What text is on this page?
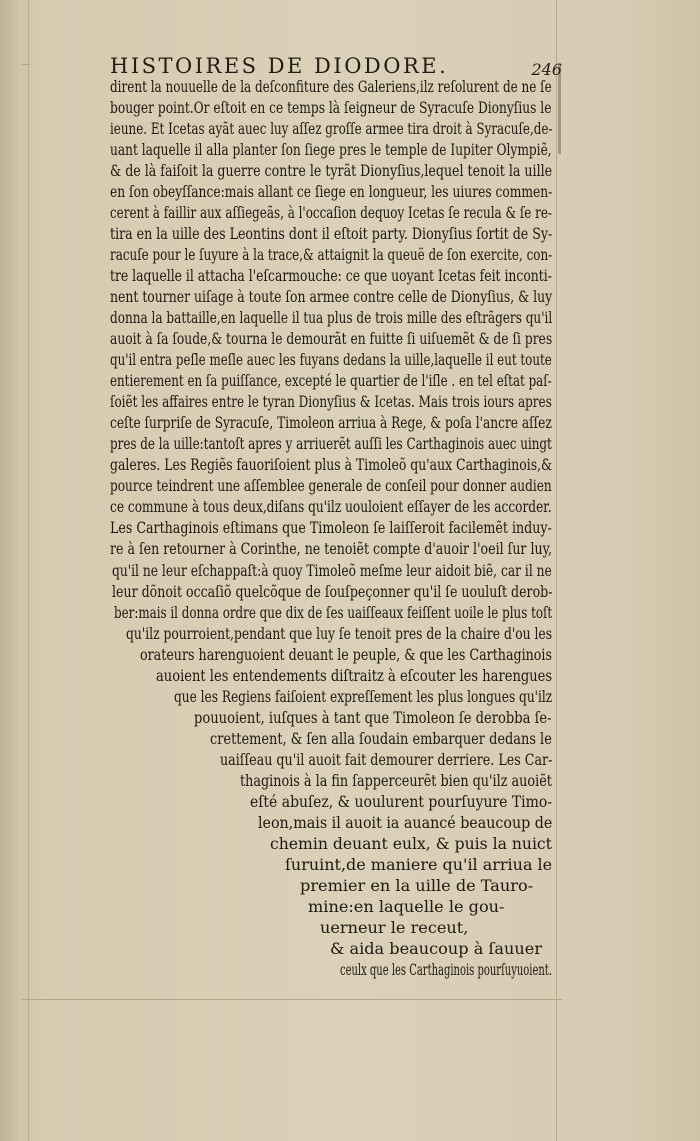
HISTOIRES DE DIODORE.	246
dirent la nouuelle de la deſconfiture des Galeriens,ilz reſolurent de ne ſe
bouger point.Or eſtoit en ce temps là ſeigneur de Syracuſe Dionyſius le
ieune. Et Icetas ayãt auec luy aſſez groſſe armee tira droit à Syracuſe,de-
uant laquelle il alla planter ſon ſiege pres le temple de Iupiter Olympiẽ,
& de là faiſoit la guerre contre le tyrãt Dionyſius,lequel tenoit la uille
en ſon obeyſſance:mais allant ce ſiege en longueur, les uiures commen-
cerent à faillir aux aſſiegeãs, à l'occaſion dequoy Icetas ſe recula & ſe re-
tira en la uille des Leontins dont il eſtoit party. Dionyſius ſortit de Sy-
racuſe pour le ſuyure à la trace,& attaignit la queuë de ſon exercite, con-
tre laquelle il attacha l'eſcarmouche: ce que uoyant Icetas feit inconti-
nent tourner uiſage à toute ſon armee contre celle de Dionyſius, & luy
donna la battaille,en laquelle il tua plus de trois mille des eſtrãgers qu'il
auoit à ſa ſoude,& tourna le demourãt en fuitte ſi uiſuemẽt & de ſi pres
qu'il entra peſle meſle auec les fuyans dedans la uille,laquelle il eut toute
entierement en ſa puiſſance, excepté le quartier de l'iſle . en tel eſtat paſ-
ſoiẽt les affaires entre le tyran Dionyſius & Icetas. Mais trois iours apres
ceſte ſurpriſe de Syracuſe, Timoleon arriua à Rege, & poſa l'ancre aſſez
pres de la uille:tantoſt apres y arriuerẽt auſſi les Carthaginois auec uingt
galeres. Les Regiẽs fauoriſoient plus à Timoleõ qu'aux Carthaginois,&
pource teindrent une aſſemblee generale de conſeil pour donner audien
ce commune à tous deux,diſans qu'ilz uouloient eſſayer de les accorder.
Les Carthaginois eſtimans que Timoleon ſe laiſſeroit facilemẽt induy-
re à ſen retourner à Corinthe, ne tenoiẽt compte d'auoir l'oeil ſur luy,
qu'il ne leur eſchappaſt:à quoy Timoleõ meſme leur aidoit biẽ, car il ne
leur dõnoit occaſiõ quelcõque de ſouſpeçonner qu'il ſe uouluſt derob-
ber:mais il donna ordre que dix de ſes uaiſſeaux feiſſent uoile le plus toſt
qu'ilz pourroient,pendant que luy ſe tenoit pres de la chaire d'ou les
orateurs harenguoient deuant le peuple, & que les Carthaginois
auoient les entendements diſtraitz à eſcouter les harengues
que les Regiens faiſoient expreſſement les plus longues qu'ilz
pouuoient, iuſques à tant que Timoleon ſe derobba ſe-
crettement, & ſen alla ſoudain embarquer dedans le
uaiſſeau qu'il auoit fait demourer derriere. Les Car-
thaginois à la fin ſapperceurẽt bien qu'ilz auoiẽt
eſté abuſez, & uoulurent pourſuyure Timo-
leon,mais il auoit ia auancé beaucoup de
chemin deuant eulx, & puis la nuict
ſuruint,de maniere qu'il arriua le
premier en la uille de Tauro-
mine:en laquelle le gou-
uerneur le receut,
& aida beaucoup à ſauuer
ceulx que les Carthaginois pourſuyuoient.
